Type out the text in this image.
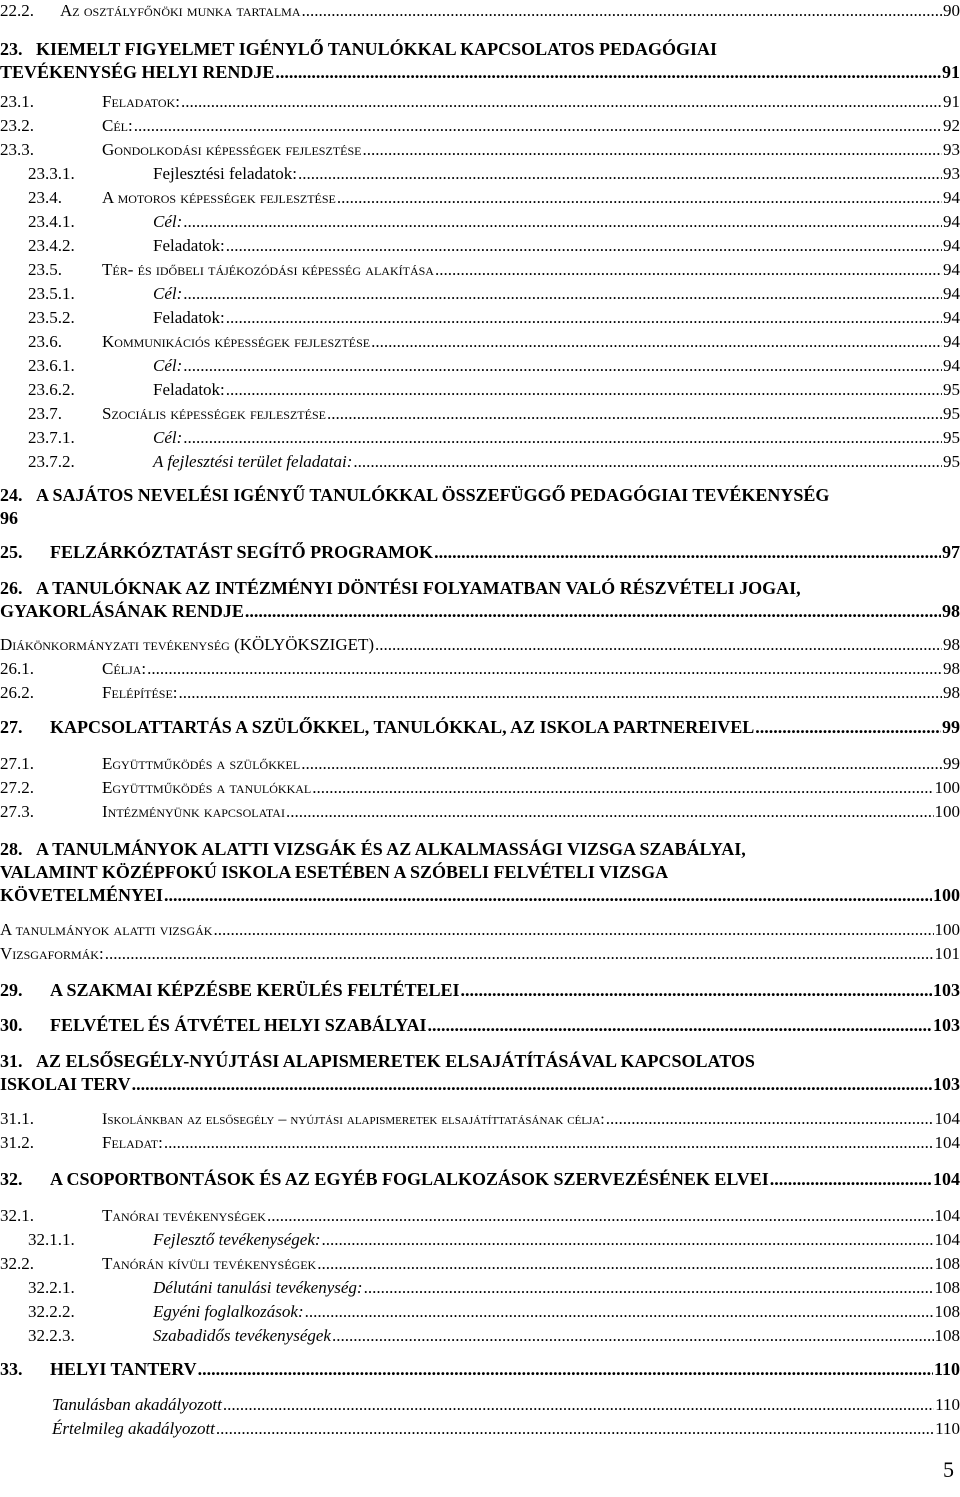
22.2. Az osztályfőnöki munka tartalma .....	90
23. KIEMELT FIGYELMET IGÉNYLŐ TANULÓKKAL KAPCSOLATOS PEDAGÓGIAI
TEVÉKENYSÉG HELYI RENDJE .....	91
23.1.	Feladatok: .....	91
23.2.	Cél: .....	92
23.3.	Gondolkodási képességek fejlesztése .....	93
23.3.1.	Fejlesztési feladatok: .....	93
23.4. A motoros képességek fejlesztése .....	94
23.4.1.	Cél: .....	94
23.4.2.	Feladatok: .....	94
23.5. Tér- és időbeli tájékozódási képesség alakítása .....	94
23.5.1.	Cél: .....	94
23.5.2.	Feladatok: .....	94
23.6. Kommunikációs képességek fejlesztése .....	94
23.6.1.	Cél: .....	94
23.6.2.	Feladatok: .....	95
23.7. Szociális képességek fejlesztése .....	95
23.7.1.	Cél: .....	95
23.7.2.	A fejlesztési terület feladatai: .....	95
24. A SAJÁTOS NEVELÉSI IGÉNYŰ TANULÓKKAL ÖSSZEFÜGGŐ PEDAGÓGIAI TEVÉKENYSÉG
96
25. FELZÁRKÓZTATÁST SEGÍTŐ PROGRAMOK .....	97
26. A TANULÓKNAK AZ INTÉZMÉNYI DÖNTÉSI FOLYAMATBAN VALÓ RÉSZVÉTELI JOGAI,
GYAKORLÁSÁNAK RENDJE .....	98
Diákönkormányzati tevékenység (KÖLYÖKSZIGET) .....	98
26.1.	Célja: .....	98
26.2.	Felépítése: .....	98
27. KAPCSOLATTARTÁS A SZÜLŐKKEL, TANULÓKKAL, AZ ISKOLA PARTNEREIVEL .....	99
27.1.	Együttműködés a szülőkkel .....	99
27.2.	Együttműködés a tanulókkal .....	100
27.3.	Intézményünk kapcsolatai .....	100
28. A TANULMÁNYOK ALATTI VIZSGÁK ÉS AZ ALKALMASSÁGI VIZSGA SZABÁLYAI,
VALAMINT KÖZÉPFOKÚ ISKOLA ESETÉBEN A SZÓBELI FELVÉTELI VIZSGA
KÖVETELMÉNYEI .....	100
A tanulmányok alatti vizsgák .....	100
Vizsgaformák: .....	101
29. A SZAKMAI KÉPZÉSBE KERÜLÉS FELTÉTELEI .....	103
30. FELVÉTEL ÉS ÁTVÉTEL HELYI SZABÁLYAI .....	103
31. AZ ELSŐSEGÉLY-NYÚJTÁSI ALAPISMERETEK ELSAJÁTÍTÁSÁVAL KAPCSOLATOS
ISKOLAI TERV .....	103
31.1.	Iskolánkban az elsősegély – nyújtási alapismeretek elsajátíttatásának célja: .....	104
31.2.	Feladat: .....	104
32. A CSOPORTBONTÁSOK ÉS AZ EGYÉB FOGLALKOZÁSOK SZERVEZÉSÉNEK ELVEI .....	104
32.1.	Tanórai tevékenységek .....	104
32.1.1.	Fejlesztő tevékenységek: .....	104
32.2.	Tanórán kívüli tevékenységek .....	108
32.2.1.	Délutáni tanulási tevékenység: .....	108
32.2.2.	Egyéni foglalkozások: .....	108
32.2.3.	Szabadidős tevékenységek .....	108
33. HELYI TANTERV .....	110
Tanulásban akadályozott .....	110
Értelmileg akadályozott .....	110
5
